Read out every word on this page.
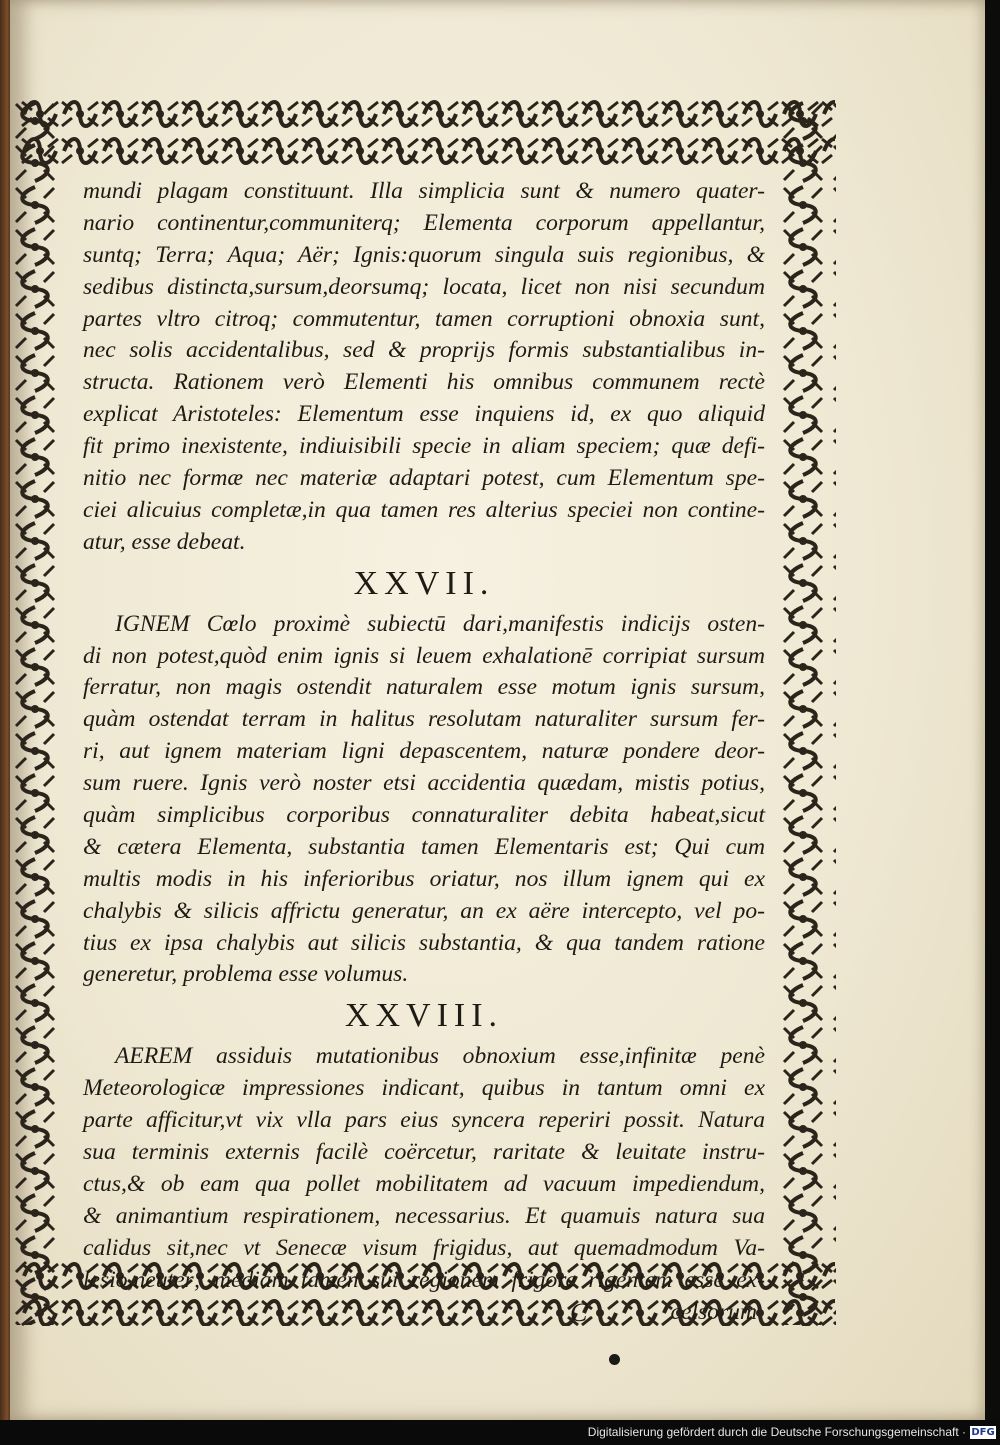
mundi plagam constituunt. Illa simplicia sunt & numero quater-
nario continentur,communiterq; Elementa corporum appellantur,
suntq; Terra; Aqua; Aër; Ignis:quorum singula suis regionibus, &
sedibus distincta,sursum,deorsumq; locata, licet non nisi secundum
partes vltro citroq; commutentur, tamen corruptioni obnoxia sunt,
nec solis accidentalibus, sed & proprijs formis substantialibus in-
structa. Rationem verò Elementi his omnibus communem rectè
explicat Aristoteles: Elementum esse inquiens id, ex quo aliquid
fit primo inexistente, indiuisibili specie in aliam speciem; quæ defi-
nitio nec formæ nec materiæ adaptari potest, cum Elementum spe-
ciei alicuius completæ,in qua tamen res alterius speciei non contine-
atur, esse debeat.
XXVII.
IGNEM Cœlo proximè subiectū dari,manifestis indicijs osten-
di non potest,quòd enim ignis si leuem exhalationē corripiat sursum
ferratur, non magis ostendit naturalem esse motum ignis sursum,
quàm ostendat terram in halitus resolutam naturaliter sursum fer-
ri, aut ignem materiam ligni depascentem, naturæ pondere deor-
sum ruere. Ignis verò noster etsi accidentia quædam, mistis potius,
quàm simplicibus corporibus connaturaliter debita habeat,sicut
& cætera Elementa, substantia tamen Elementaris est; Qui cum
multis modis in his inferioribus oriatur, nos illum ignem qui ex
chalybis & silicis affrictu generatur, an ex aëre intercepto, vel po-
tius ex ipsa chalybis aut silicis substantia, & qua tandem ratione
generetur, problema esse volumus.
XXVIII.
AEREM assiduis mutationibus obnoxium esse,infinitæ penè
Meteorologicæ impressiones indicant, quibus in tantum omni ex
parte afficitur,vt vix vlla pars eius syncera reperiri possit. Natura
sua terminis externis facilè coërcetur, raritate & leuitate instru-
ctus,& ob eam qua pollet mobilitatem ad vacuum impediendum,
& animantium respirationem, necessarius. Et quamuis natura sua
calidus sit,nec vt Senecæ visum frigidus, aut quemadmodum Va-
lesio,neuter; mediam tamen sui regionem frigore rigentem esse ex-
C	celsorum
Digitalisierung gefördert durch die Deutsche Forschungsgemeinschaft · DFG
